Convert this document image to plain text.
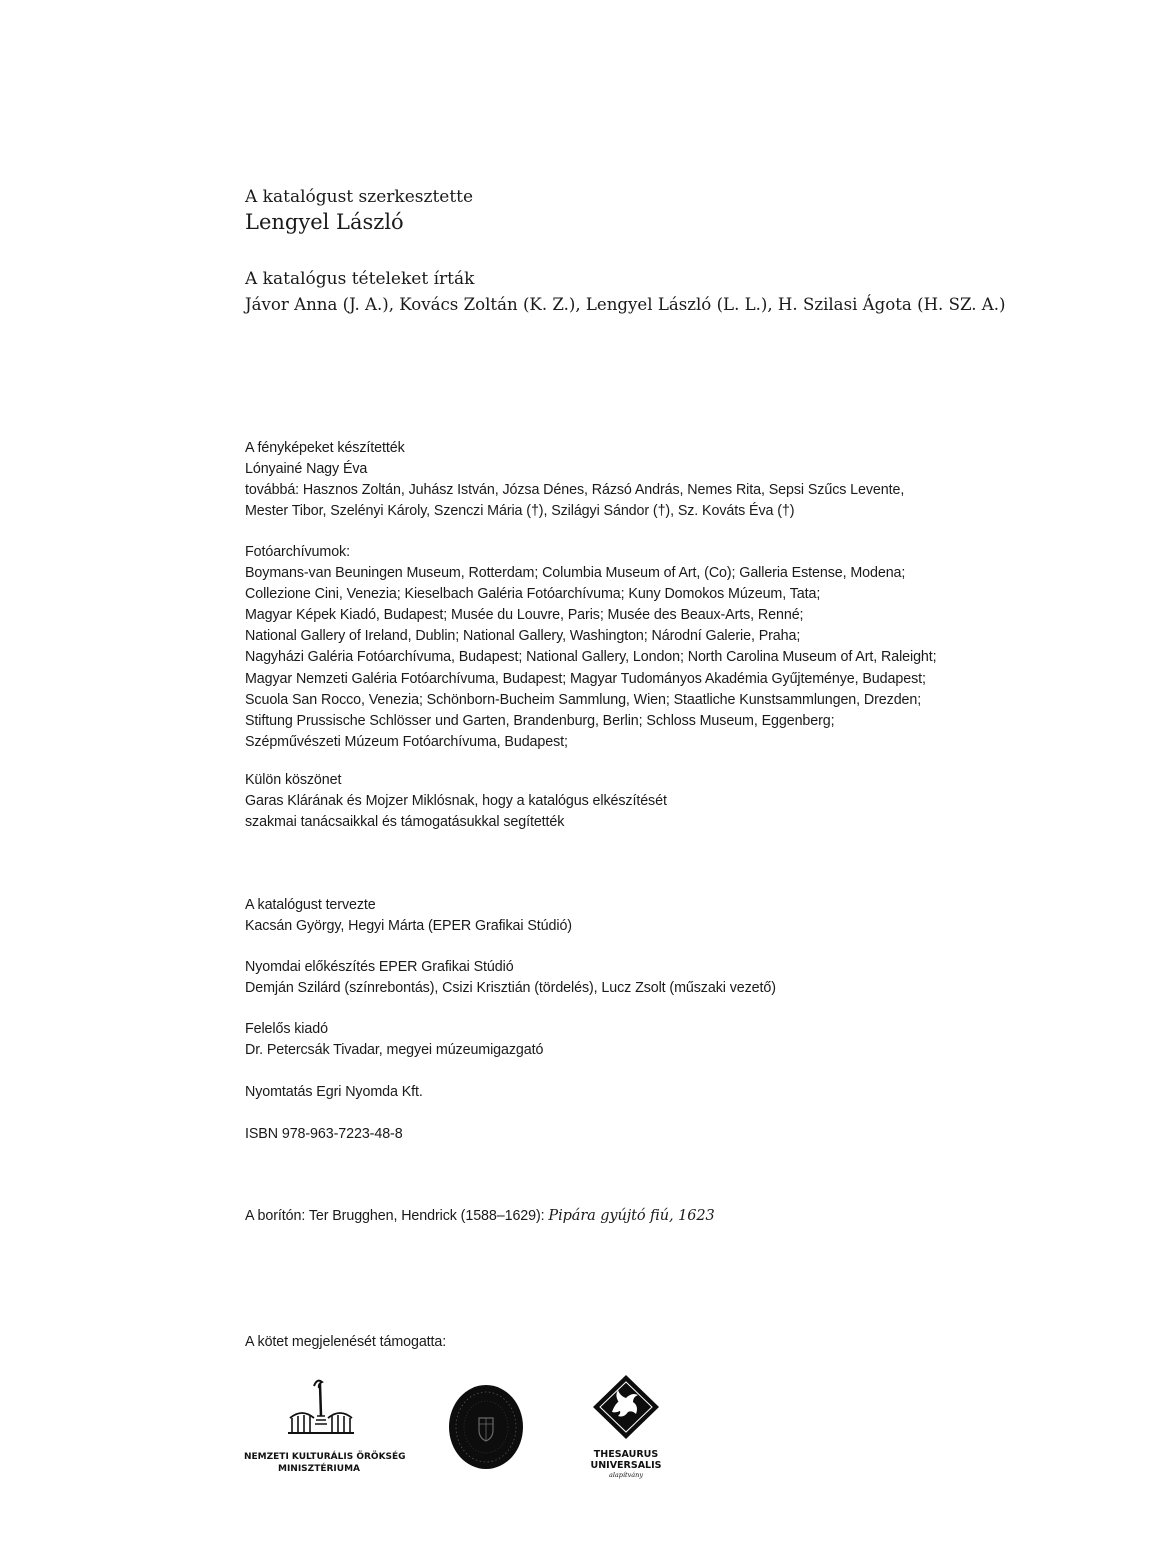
A katalógust szerkesztette
Lengyel László
A katalógus tételeket írták
Jávor Anna (J. A.), Kovács Zoltán (K. Z.), Lengyel László (L. L.), H. Szilasi Ágota (H. SZ. A.)
A fényképeket készítették
Lónyainé Nagy Éva
továbbá: Hasznos Zoltán, Juhász István, Józsa Dénes, Rázsó András, Nemes Rita, Sepsi Szűcs Levente,
Mester Tibor, Szelényi Károly, Szenczi Mária (†), Szilágyi Sándor (†), Sz. Kováts Éva (†)
Fotóarchívumok:
Boymans-van Beuningen Museum, Rotterdam; Columbia Museum of Art, (Co); Galleria Estense, Modena;
Collezione Cini, Venezia; Kieselbach Galéria Fotóarchívuma; Kuny Domokos Múzeum, Tata;
Magyar Képek Kiadó, Budapest; Musée du Louvre, Paris; Musée des Beaux-Arts, Renné;
National Gallery of Ireland, Dublin; National Gallery, Washington; Národní Galerie, Praha;
Nagyházi Galéria Fotóarchívuma, Budapest; National Gallery, London; North Carolina Museum of Art, Raleight;
Magyar Nemzeti Galéria Fotóarchívuma, Budapest; Magyar Tudományos Akadémia Gyűjteménye, Budapest;
Scuola San Rocco, Venezia; Schönborn-Bucheim Sammlung, Wien; Staatliche Kunstsammlungen, Drezden;
Stiftung Prussische Schlösser und Garten, Brandenburg, Berlin; Schloss Museum, Eggenberg;
Szépművészeti Múzeum Fotóarchívuma, Budapest;
Külön köszönet
Garas Klárának és Mojzer Miklósnak, hogy a katalógus elkészítését
szakmai tanácsaikkal és támogatásukkal segítették
A katalógust tervezte
Kacsán György, Hegyi Márta (EPER Grafikai Stúdió)
Nyomdai előkészítés EPER Grafikai Stúdió
Demján Szilárd (színrebontás), Csizi Krisztián (tördelés), Lucz Zsolt (műszaki vezető)
Felelős kiadó
Dr. Petercsák Tivadar, megyei múzeumigazgató
Nyomtatás Egri Nyomda Kft.
ISBN 978-963-7223-48-8
A borítón: Ter Brugghen, Hendrick (1588–1629): Pipára gyújtó fiú, 1623
A kötet megjelenését támogatta:
NEMZETI KULTURÁLIS ÖRÖKSÉG
MINISZTÉRIUMA
THESAURUS
UNIVERSALIS
alapítvány
